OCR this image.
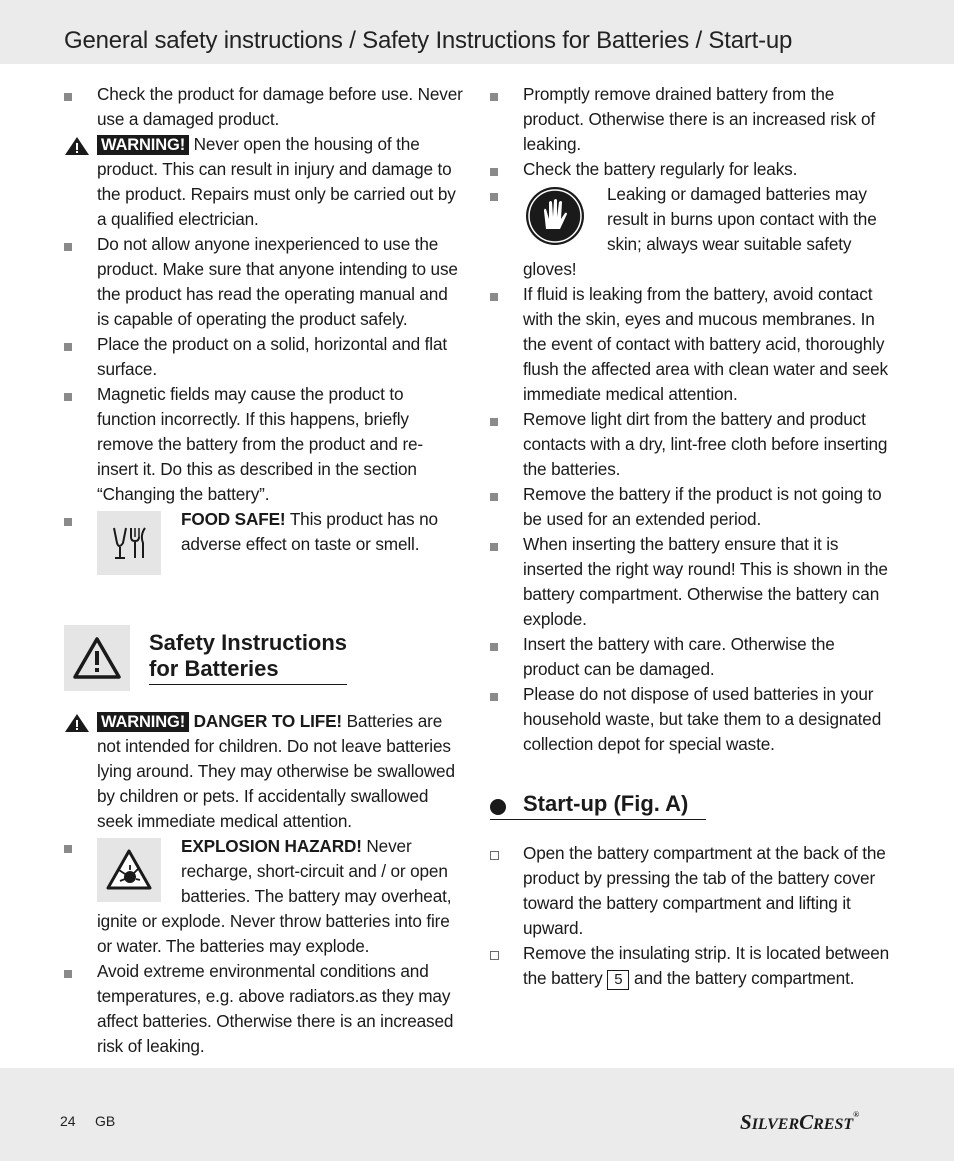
General safety instructions / Safety Instructions for Batteries / Start-up

Check the product for damage before use. Never use a damaged product.

WARNING! Never open the housing of the product. This can result in injury and damage to the product. Repairs must only be carried out by a qualified electrician.

Do not allow anyone inexperienced to use the product. Make sure that anyone intending to use the product has read the operating manual and is capable of operating the product safely.

Place the product on a solid, horizontal and flat surface.

Magnetic fields may cause the product to function incorrectly. If this happens, briefly remove the battery from the product and re-insert it. Do this as described in the section “Changing the battery”.

FOOD SAFE! This product has no adverse effect on taste or smell.

Safety Instructions
for Batteries

WARNING! DANGER TO LIFE! Batteries are not intended for children. Do not leave batteries lying around. They may otherwise be swallowed by children or pets. If accidentally swallowed seek immediate medical attention.

EXPLOSION HAZARD! Never recharge, short-circuit and / or open batteries. The battery may overheat, ignite or explode. Never throw batteries into fire or water. The batteries may explode.

Avoid extreme environmental conditions and temperatures, e.g. above radiators.as they may affect batteries. Otherwise there is an increased risk of leaking.

Promptly remove drained battery from the product. Otherwise there is an increased risk of leaking.

Check the battery regularly for leaks.

Leaking or damaged batteries may result in burns upon contact with the skin; always wear suitable safety gloves!

If fluid is leaking from the battery, avoid contact with the skin, eyes and mucous membranes. In the event of contact with battery acid, thoroughly flush the affected area with clean water and seek immediate medical attention.

Remove light dirt from the battery and product contacts with a dry, lint-free cloth before inserting the batteries.

Remove the battery if the product is not going to be used for an extended period.

When inserting the battery ensure that it is inserted the right way round! This is shown in the battery compartment. Otherwise the battery can explode.

Insert the battery with care. Otherwise the product can be damaged.

Please do not dispose of used batteries in your household waste, but take them to a designated collection depot for special waste.

Start-up (Fig. A)

Open the battery compartment at the back of the product by pressing the tab of the battery cover toward the battery compartment and lifting it upward.

Remove the insulating strip. It is located between the battery 5 and the battery compartment.

24 GB	SILVERCREST®
